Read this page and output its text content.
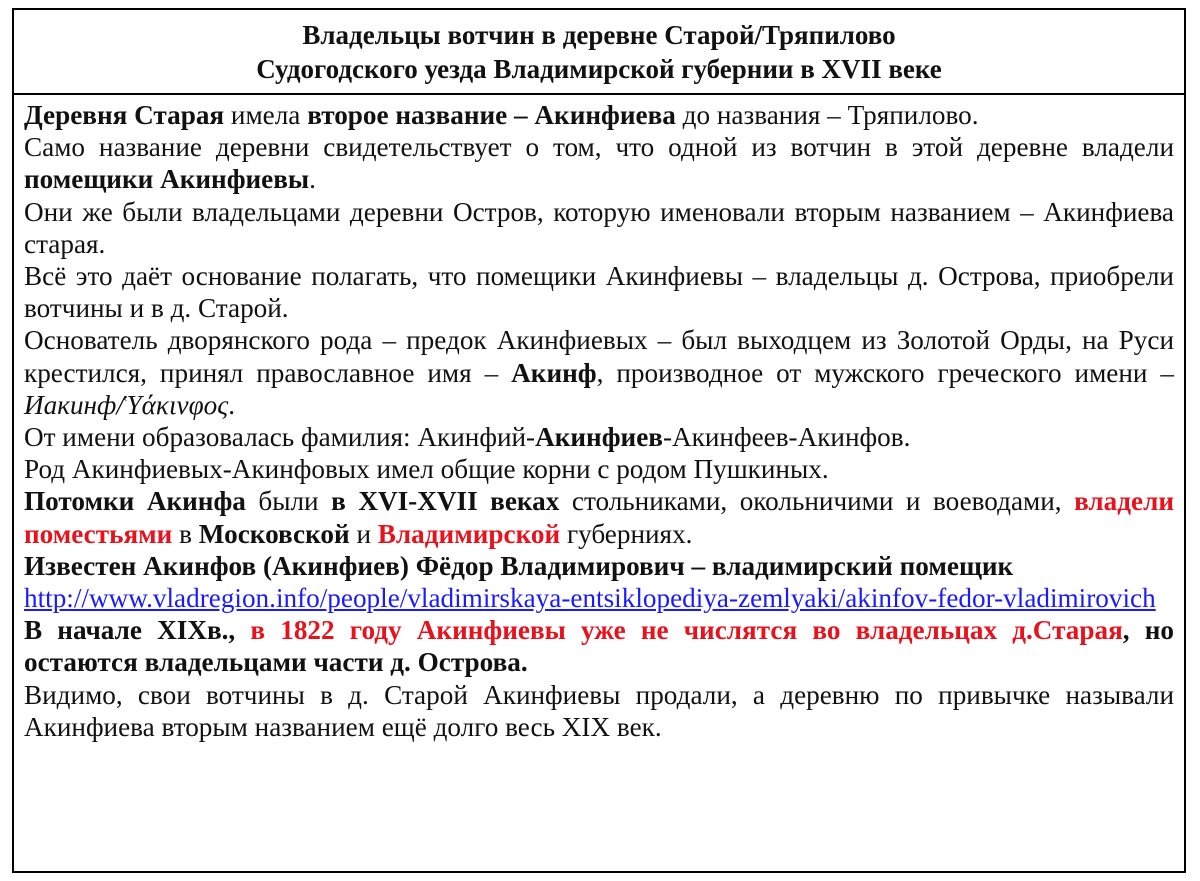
Владельцы вотчин в деревне Старой/Тряпилово
Судогодского уезда Владимирской губернии в XVII веке

Деревня Старая имела второе название – Акинфиева до названия – Тряпилово.

Само название деревни свидетельствует о том, что одной из вотчин в этой деревне владели помещики Акинфиевы.

Они же были владельцами деревни Остров, которую именовали вторым названием – Акинфиева старая.

Всё это даёт основание полагать, что помещики Акинфиевы – владельцы д. Острова, приобрели вотчины и в д. Старой.

Основатель дворянского рода – предок Акинфиевых – был выходцем из Золотой Орды, на Руси крестился, принял православное имя – Акинф, производное от мужского греческого имени – Иакинф/Ὑάκινφος.

От имени образовалась фамилия: Акинфий-Акинфиев-Акинфеев-Акинфов.

Род Акинфиевых-Акинфовых имел общие корни с родом Пушкиных.

Потомки Акинфа были в XVI-XVII веках стольниками, окольничими и воеводами, владели поместьями в Московской и Владимирской губерниях.

Известен Акинфов (Акинфиев) Фёдор Владимирович – владимирский помещик

http://www.vladregion.info/people/vladimirskaya-entsiklopediya-zemlyaki/akinfov-fedor-vladimirovich

В начале XIXв., в 1822 году Акинфиевы уже не числятся во владельцах д.Старая, но остаются владельцами части д. Острова.

Видимо, свои вотчины в д. Старой Акинфиевы продали, а деревню по привычке называли Акинфиева вторым названием ещё долго весь XIX век.
